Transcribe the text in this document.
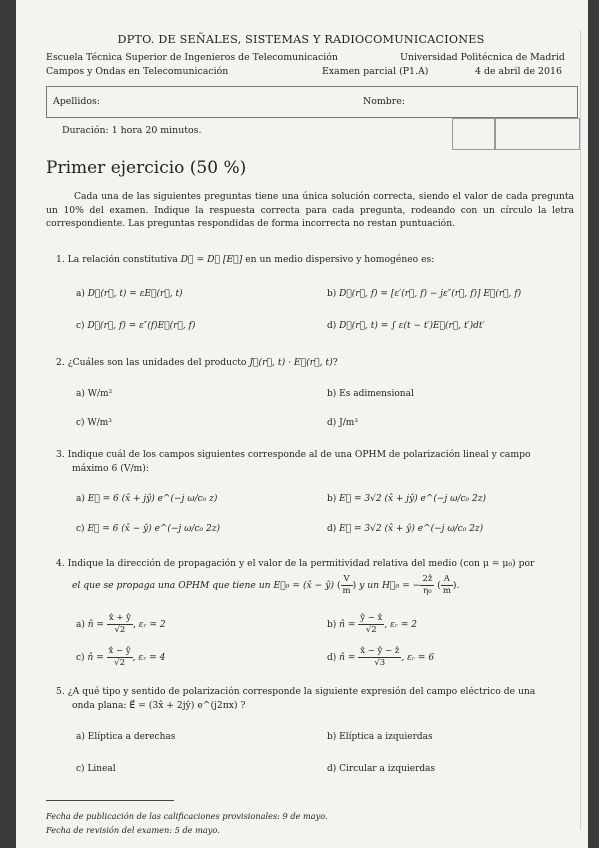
DPTO. DE SEÑALES, SISTEMAS Y RADIOCOMUNICACIONES
Escuela Técnica Superior de Ingenieros de Telecomunicación	Universidad Politécnica de Madrid
Campos y Ondas en Telecomunicación	Examen parcial (P1.A)	4 de abril de 2016
Apellidos:	Nombre:
Duración: 1 hora 20 minutos.
Primer ejercicio (50 %)
Cada una de las siguientes preguntas tiene una única solución correcta, siendo el valor de cada pregunta un 10% del examen. Indique la respuesta correcta para cada pregunta, rodeando con un círculo la letra correspondiente. Las preguntas respondidas de forma incorrecta no restan puntuación.
1. La relación constitutiva D⃗ = D⃗ [E⃗] en un medio dispersivo y homogéneo es:
a) D⃗(r⃗, t) = εE⃗(r⃗, t)	b) D⃗(r⃗, f) = [ε′(r⃗, f) − jε″(r⃗, f)] E⃗(r⃗, f)
c) D⃗(r⃗, f) = ε″(f)E⃗(r⃗, f)	d) D⃗(r⃗, t) = ∫ ε(t − t′)E⃗(r⃗, t′)dt′
2. ¿Cuáles son las unidades del producto J⃗(r⃗, t) · E⃗(r⃗, t)?
a) W/m²	b) Es adimensional
c) W/m³	d) J/m³
3. Indique cuál de los campos siguientes corresponde al de una OPHM de polarización lineal y campo
máximo 6 (V/m):
a) E⃗ = 6 (x̂ + jŷ) e^(−j ω/c₀ z)	b) E⃗ = 3√2 (x̂ + jŷ) e^(−j ω/c₀ 2z)
c) E⃗ = 6 (x̂ − ŷ) e^(−j ω/c₀ 2z)	d) E⃗ = 3√2 (x̂ + ŷ) e^(−j ω/c₀ 2z)
4. Indique la dirección de propagación y el valor de la permitividad relativa del medio (con μ = μ₀) por
el que se propaga una OPHM que tiene un E⃗₀ = (x̂ − ŷ) ( $\frac{V}{m}$ ) y un H⃗₀ = − $\frac{\text{2ẑ}}{\text{η₀}}$ ( $\frac{A}{m}$ ).
a) n̂ = $\frac{x̂ + ŷ}{√2}$ , εᵣ = 2	b) n̂ = $\frac{ŷ - x̂}{√2}$ , εᵣ = 2
c) n̂ = $\frac{x̂ - ŷ}{√2}$ , εᵣ = 4	d) n̂ = $\frac{\text{x̂ − ŷ − ẑ}}{√3}$ , εᵣ = 6
5. ¿A qué tipo y sentido de polarización corresponde la siguiente expresión del campo eléctrico de una
onda plana: E⃗ = (3x̂ + 2jŷ) e^(j2πx) ?
a) Elíptica a derechas	b) Elíptica a izquierdas
c) Lineal	d) Circular a izquierdas
Fecha de publicación de las calificaciones provisionales: 9 de mayo.
Fecha de revisión del examen: 5 de mayo.
